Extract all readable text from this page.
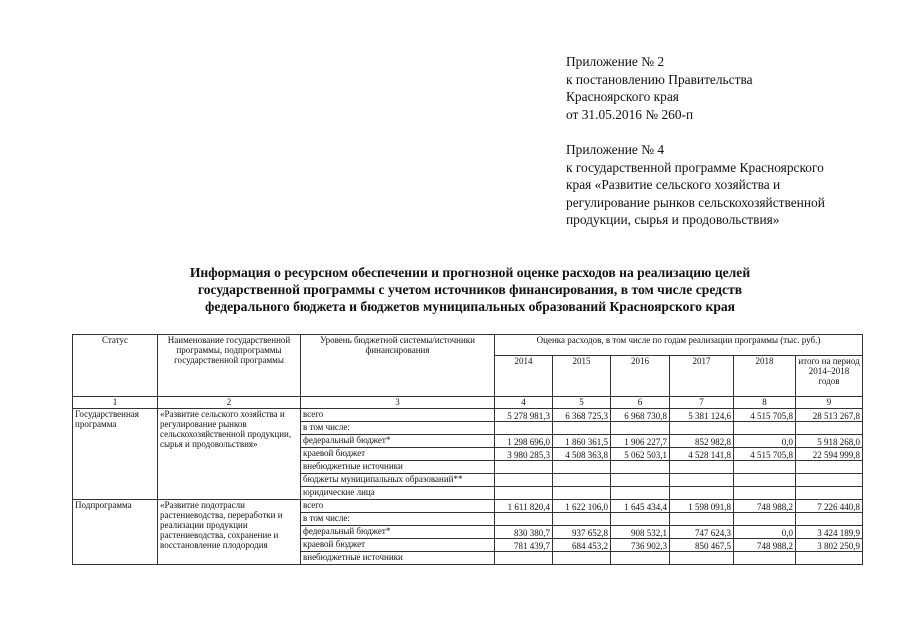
Приложение № 2
к постановлению Правительства
Красноярского края
от 31.05.2016 № 260-п
Приложение № 4
к государственной программе Красноярского
края «Развитие сельского хозяйства и
регулирование рынков сельскохозяйственной
продукции, сырья и продовольствия»
Информация о ресурсном обеспечении и прогнозной оценке расходов на реализацию целей
государственной программы с учетом источников финансирования, в том числе средств
федерального бюджета и бюджетов муниципальных образований Красноярского края
Статус	Наименование государственной программы, подпрограммы государственной программы	Уровень бюджетной системы/источники финансирования	Оценка расходов, в том числе по годам реализации программы (тыс. руб.)					
			2014	2015	2016	2017	2018	итого на период 2014–2018 годов
1	2	3	4	5	6	7	8	9
Государственная программа	«Развитие сельского хозяйства и регулирование рынков сельскохозяйственной продукции, сырья и продовольствия»	всего	5 278 981,3	6 368 725,3	6 968 730,8	5 381 124,6	4 515 705,8	28 513 267,8
		в том числе:						
		федеральный бюджет*	1 298 696,0	1 860 361,5	1 906 227,7	852 982,8	0,0	5 918 268,0
		краевой бюджет	3 980 285,3	4 508 363,8	5 062 503,1	4 528 141,8	4 515 705,8	22 594 999,8
		внебюджетные источники						
		бюджеты муниципальных образований**						
		юридические лица						
Подпрограмма	«Развитие подотрасли растениеводства, переработки и реализации продукции растениеводства, сохранение и восстановление плодородия	всего	1 611 820,4	1 622 106,0	1 645 434,4	1 598 091,8	748 988,2	7 226 440,8
		в том числе:						
		федеральный бюджет*	830 380,7	937 652,8	908 532,1	747 624,3	0,0	3 424 189,9
		краевой бюджет	781 439,7	684 453,2	736 902,3	850 467,5	748 988,2	3 802 250,9
		внебюджетные источники						
